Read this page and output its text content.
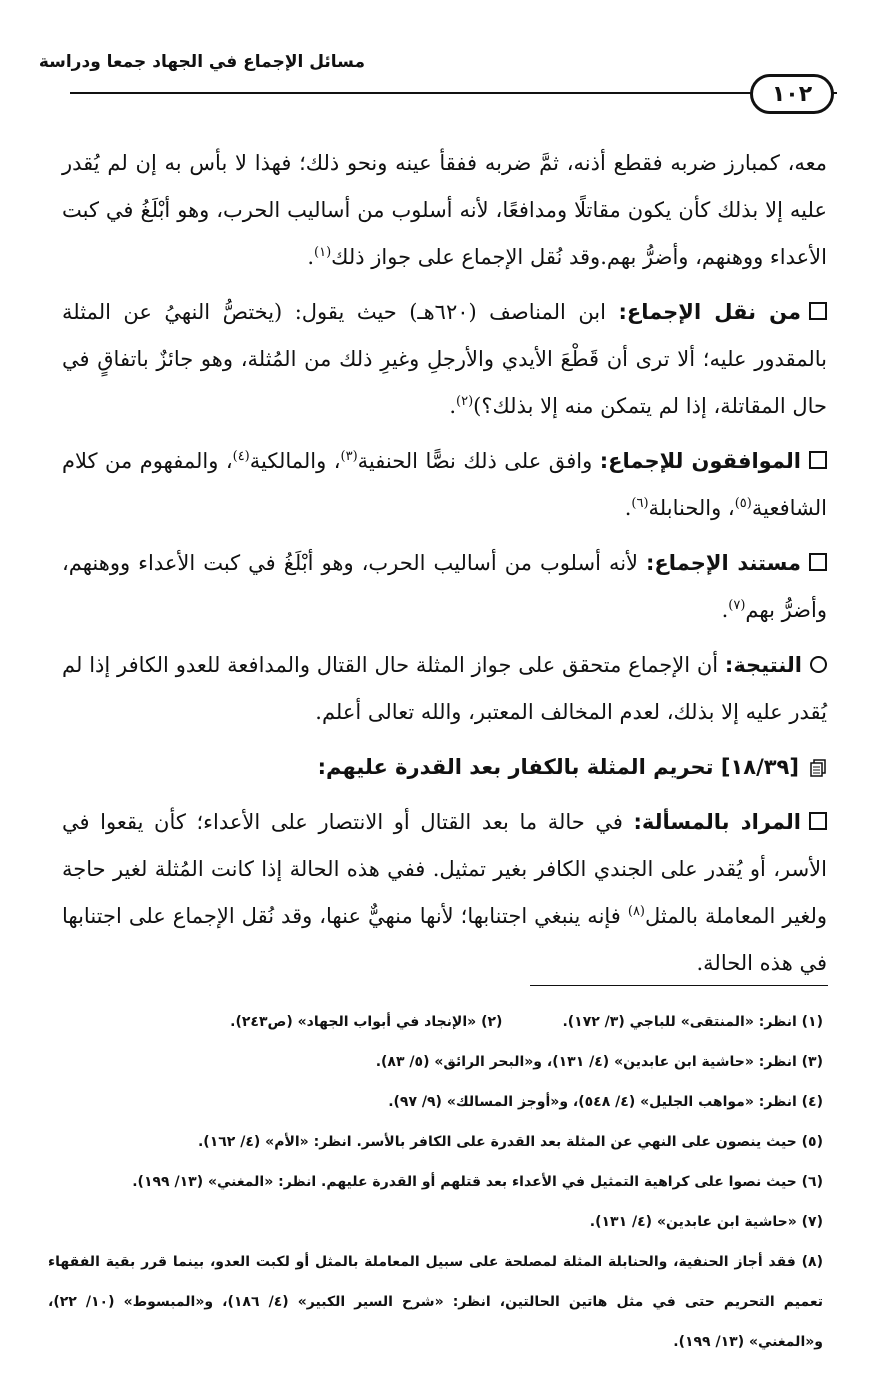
مسائل الإجماع في الجهاد جمعا ودراسة
١٠٢

معه، كمبارز ضربه فقطع أذنه، ثمَّ ضربه ففقأ عينه ونحو ذلك؛ فهذا لا بأس به إن لم يُقدر عليه إلا بذلك كأن يكون مقاتلًا ومدافعًا، لأنه أسلوب من أساليب الحرب، وهو أبْلَغُ في كبت الأعداء ووهنهم، وأضرُّ بهم.وقد نُقل الإجماع على جواز ذلك$^{(١)}$.

من نقل الإجماع: ابن المناصف (٦٢٠هـ) حيث يقول: (يختصُّ النهيُ عن المثلة بالمقدور عليه؛ ألا ترى أن قَطْعَ الأيدي والأرجلِ وغيرِ ذلك من المُثلة، وهو جائزٌ باتفاقٍ في حال المقاتلة، إذا لم يتمكن منه إلا بذلك؟)$^{(٢)}$.

الموافقون للإجماع: وافق على ذلك نصًّا الحنفية$^{(٣)}$، والمالكية$^{(٤)}$، والمفهوم من كلام الشافعية$^{(٥)}$، والحنابلة$^{(٦)}$.

مستند الإجماع: لأنه أسلوب من أساليب الحرب، وهو أبْلَغُ في كبت الأعداء ووهنهم، وأضرُّ بهم$^{(٧)}$.

النتيجة: أن الإجماع متحقق على جواز المثلة حال القتال والمدافعة للعدو الكافر إذا لم يُقدر عليه إلا بذلك، لعدم المخالف المعتبر، والله تعالى أعلم.

[١٨/٣٩] تحريم المثلة بالكفار بعد القدرة عليهم:

المراد بالمسألة: في حالة ما بعد القتال أو الانتصار على الأعداء؛ كأن يقعوا في الأسر، أو يُقدر على الجندي الكافر بغير تمثيل. ففي هذه الحالة إذا كانت المُثلة لغير حاجة ولغير المعاملة بالمثل$^{(٨)}$ فإنه ينبغي اجتنابها؛ لأنها منهيٌّ عنها، وقد نُقل الإجماع على اجتنابها في هذه الحالة.

(١) انظر: «المنتقى» للباجي (٣/ ١٧٢).

(٢) «الإنجاد في أبواب الجهاد» (ص٢٤٣).

(٣) انظر: «حاشية ابن عابدين» (٤/ ١٣١)، و«البحر الرائق» (٥/ ٨٣).

(٤) انظر: «مواهب الجليل» (٤/ ٥٤٨)، و«أوجز المسالك» (٩/ ٩٧).

(٥) حيث ينصون على النهي عن المثلة بعد القدرة على الكافر بالأسر. انظر: «الأم» (٤/ ١٦٢).

(٦) حيث نصوا على كراهية التمثيل في الأعداء بعد قتلهم أو القدرة عليهم. انظر: «المغني» (١٣/ ١٩٩).

(٧) «حاشية ابن عابدين» (٤/ ١٣١).

(٨) فقد أجاز الحنفية، والحنابلة المثلة لمصلحة على سبيل المعاملة بالمثل أو لكبت العدو، بينما قرر بقية الفقهاء تعميم التحريم حتى في مثل هاتين الحالتين، انظر: «شرح السير الكبير» (٤/ ١٨٦)، و«المبسوط» (١٠/ ٢٢)، و«المغني» (١٣/ ١٩٩).
